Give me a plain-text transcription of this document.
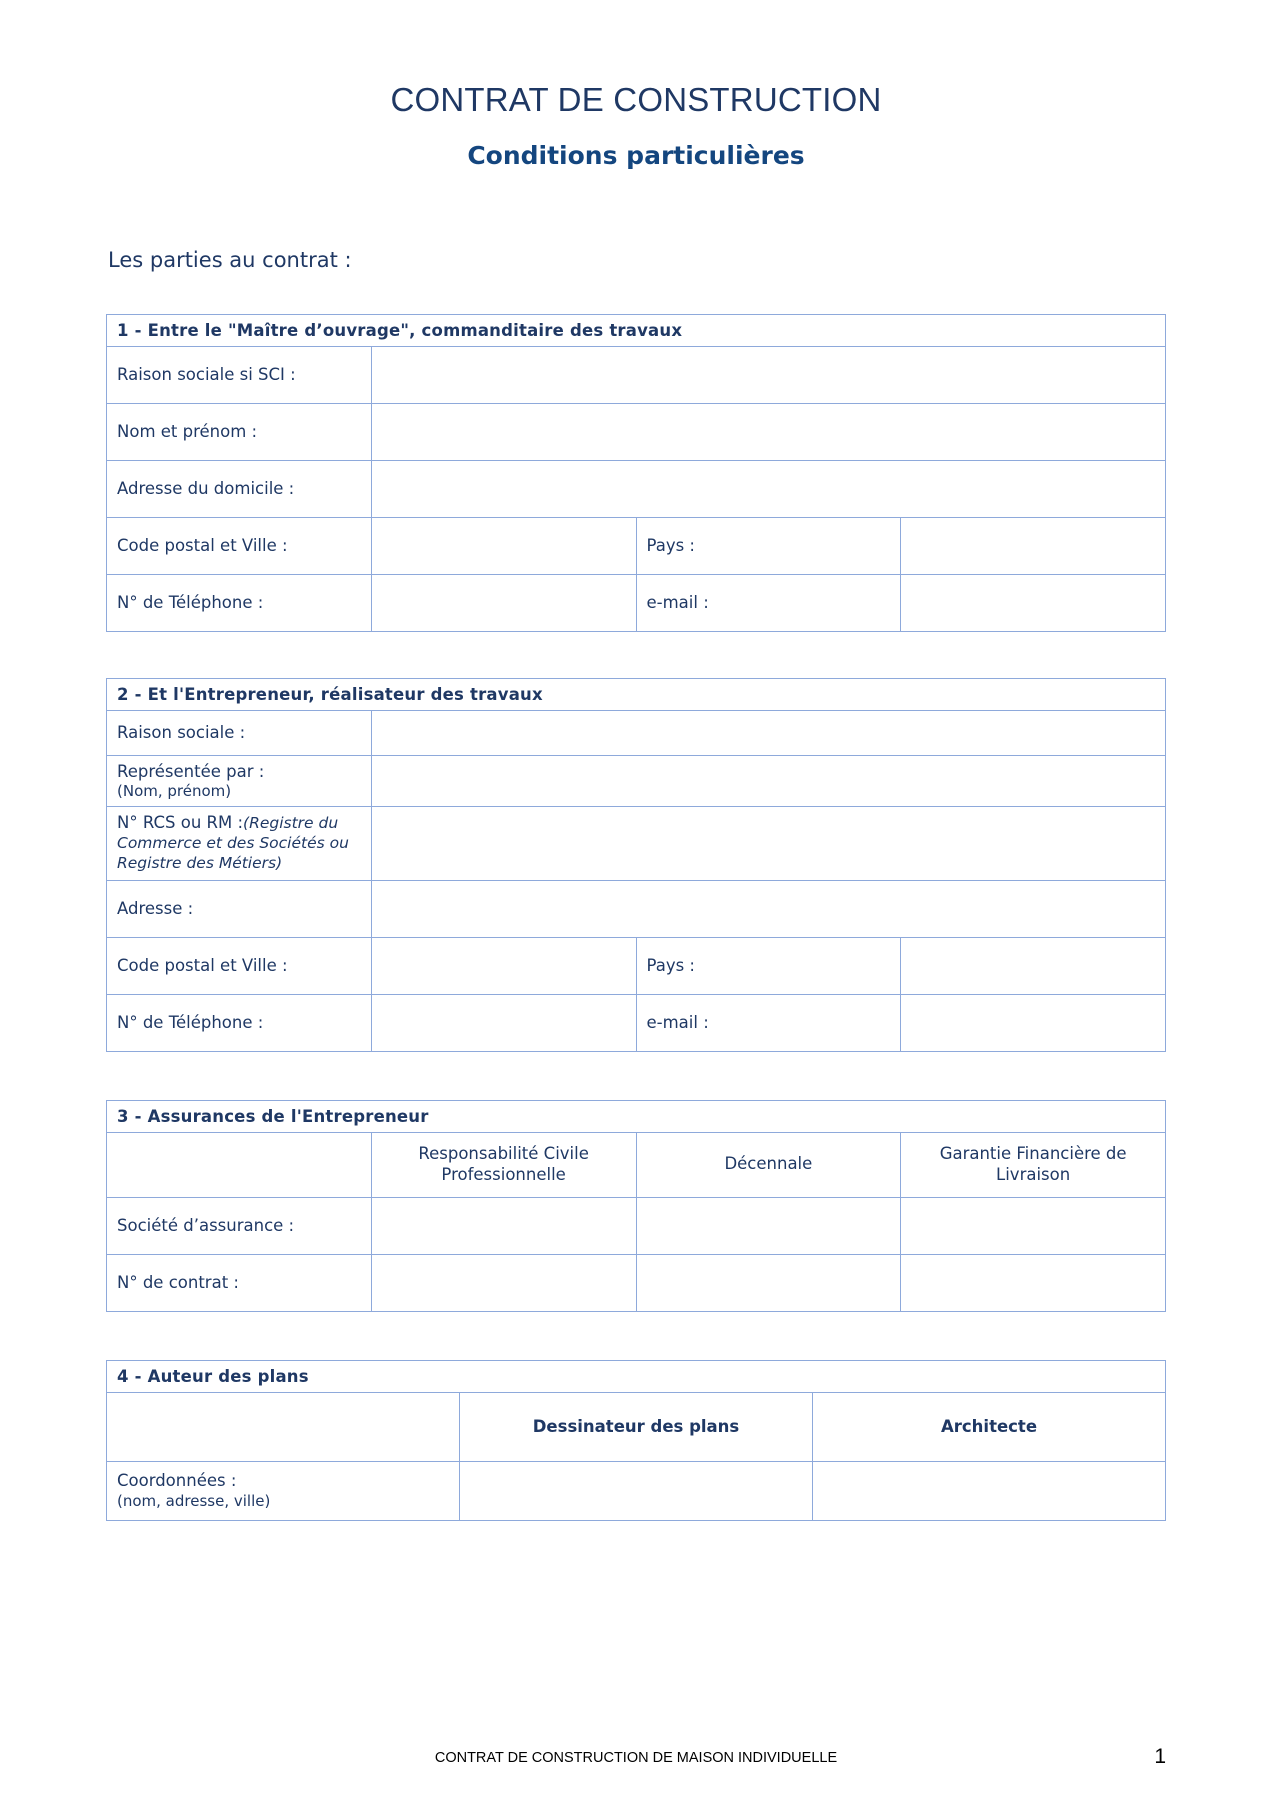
CONTRAT DE CONSTRUCTION
Conditions particulières

Les parties au contrat :

1 - Entre le "Maître d’ouvrage", commanditaire des travaux			
Raison sociale si SCI :			
Nom et prénom :			
Adresse du domicile :			
Code postal et Ville :		Pays :	
N° de Téléphone :		e-mail :	
2 - Et l'Entrepreneur, réalisateur des travaux			
Raison sociale :			
Représentée par :
(Nom, prénom)			

N° RCS ou RM :(Registre du Commerce et des Sociétés ou Registre des Métiers)			
Adresse :			
Code postal et Ville :		Pays :	
N° de Téléphone :		e-mail :	
3 - Assurances de l'Entrepreneur			
	Responsabilité Civile Professionnelle	Décennale	Garantie Financière de Livraison
Société d’assurance :			
N° de contrat :			
4 - Auteur des plans		
	Dessinateur des plans	Architecte
Coordonnées :
(nom, adresse, ville)		

CONTRAT DE CONSTRUCTION DE MAISON INDIVIDUELLE	1
